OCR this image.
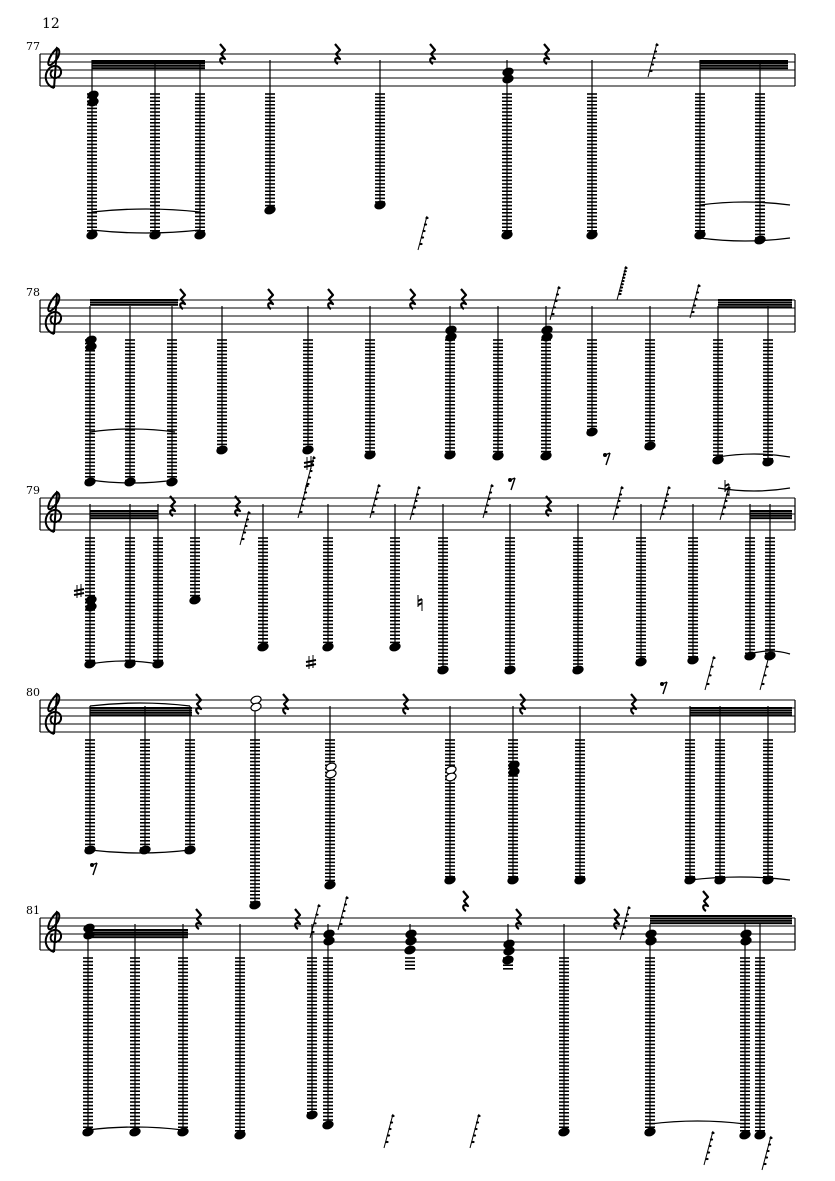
12
77
78
79
80
81
